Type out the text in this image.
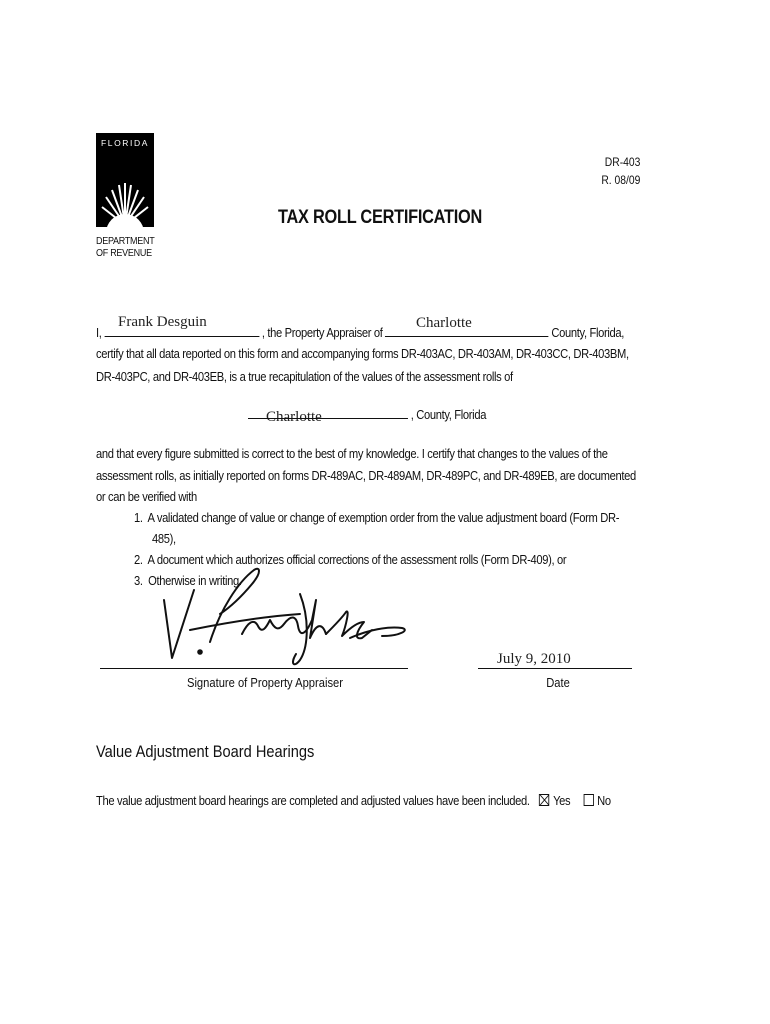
FLORIDA
DEPARTMENT
OF REVENUE
DR-403
R. 08/09
TAX ROLL CERTIFICATION
Frank Desguin	Charlotte
I,	, the Property Appraiser of	County, Florida,
certify that all data reported on this form and accompanying forms DR-403AC, DR-403AM, DR-403CC, DR-403BM,
DR-403PC, and DR-403EB, is a true recapitulation of the values of the assessment rolls of
Charlotte	, County, Florida
and that every figure submitted is correct to the best of my knowledge. I certify that changes to the values of the
assessment rolls, as initially reported on forms DR-489AC, DR-489AM, DR-489PC, and DR-489EB, are documented
or can be verified with
1. A validated change of value or change of exemption order from the value adjustment board (Form DR-
485),
2. A document which authorizes official corrections of the assessment rolls (Form DR-409), or
3. Otherwise in writing.
Signature of Property Appraiser
July 9, 2010
Date
Value Adjustment Board Hearings
The value adjustment board hearings are completed and adjusted values have been included. Yes No
